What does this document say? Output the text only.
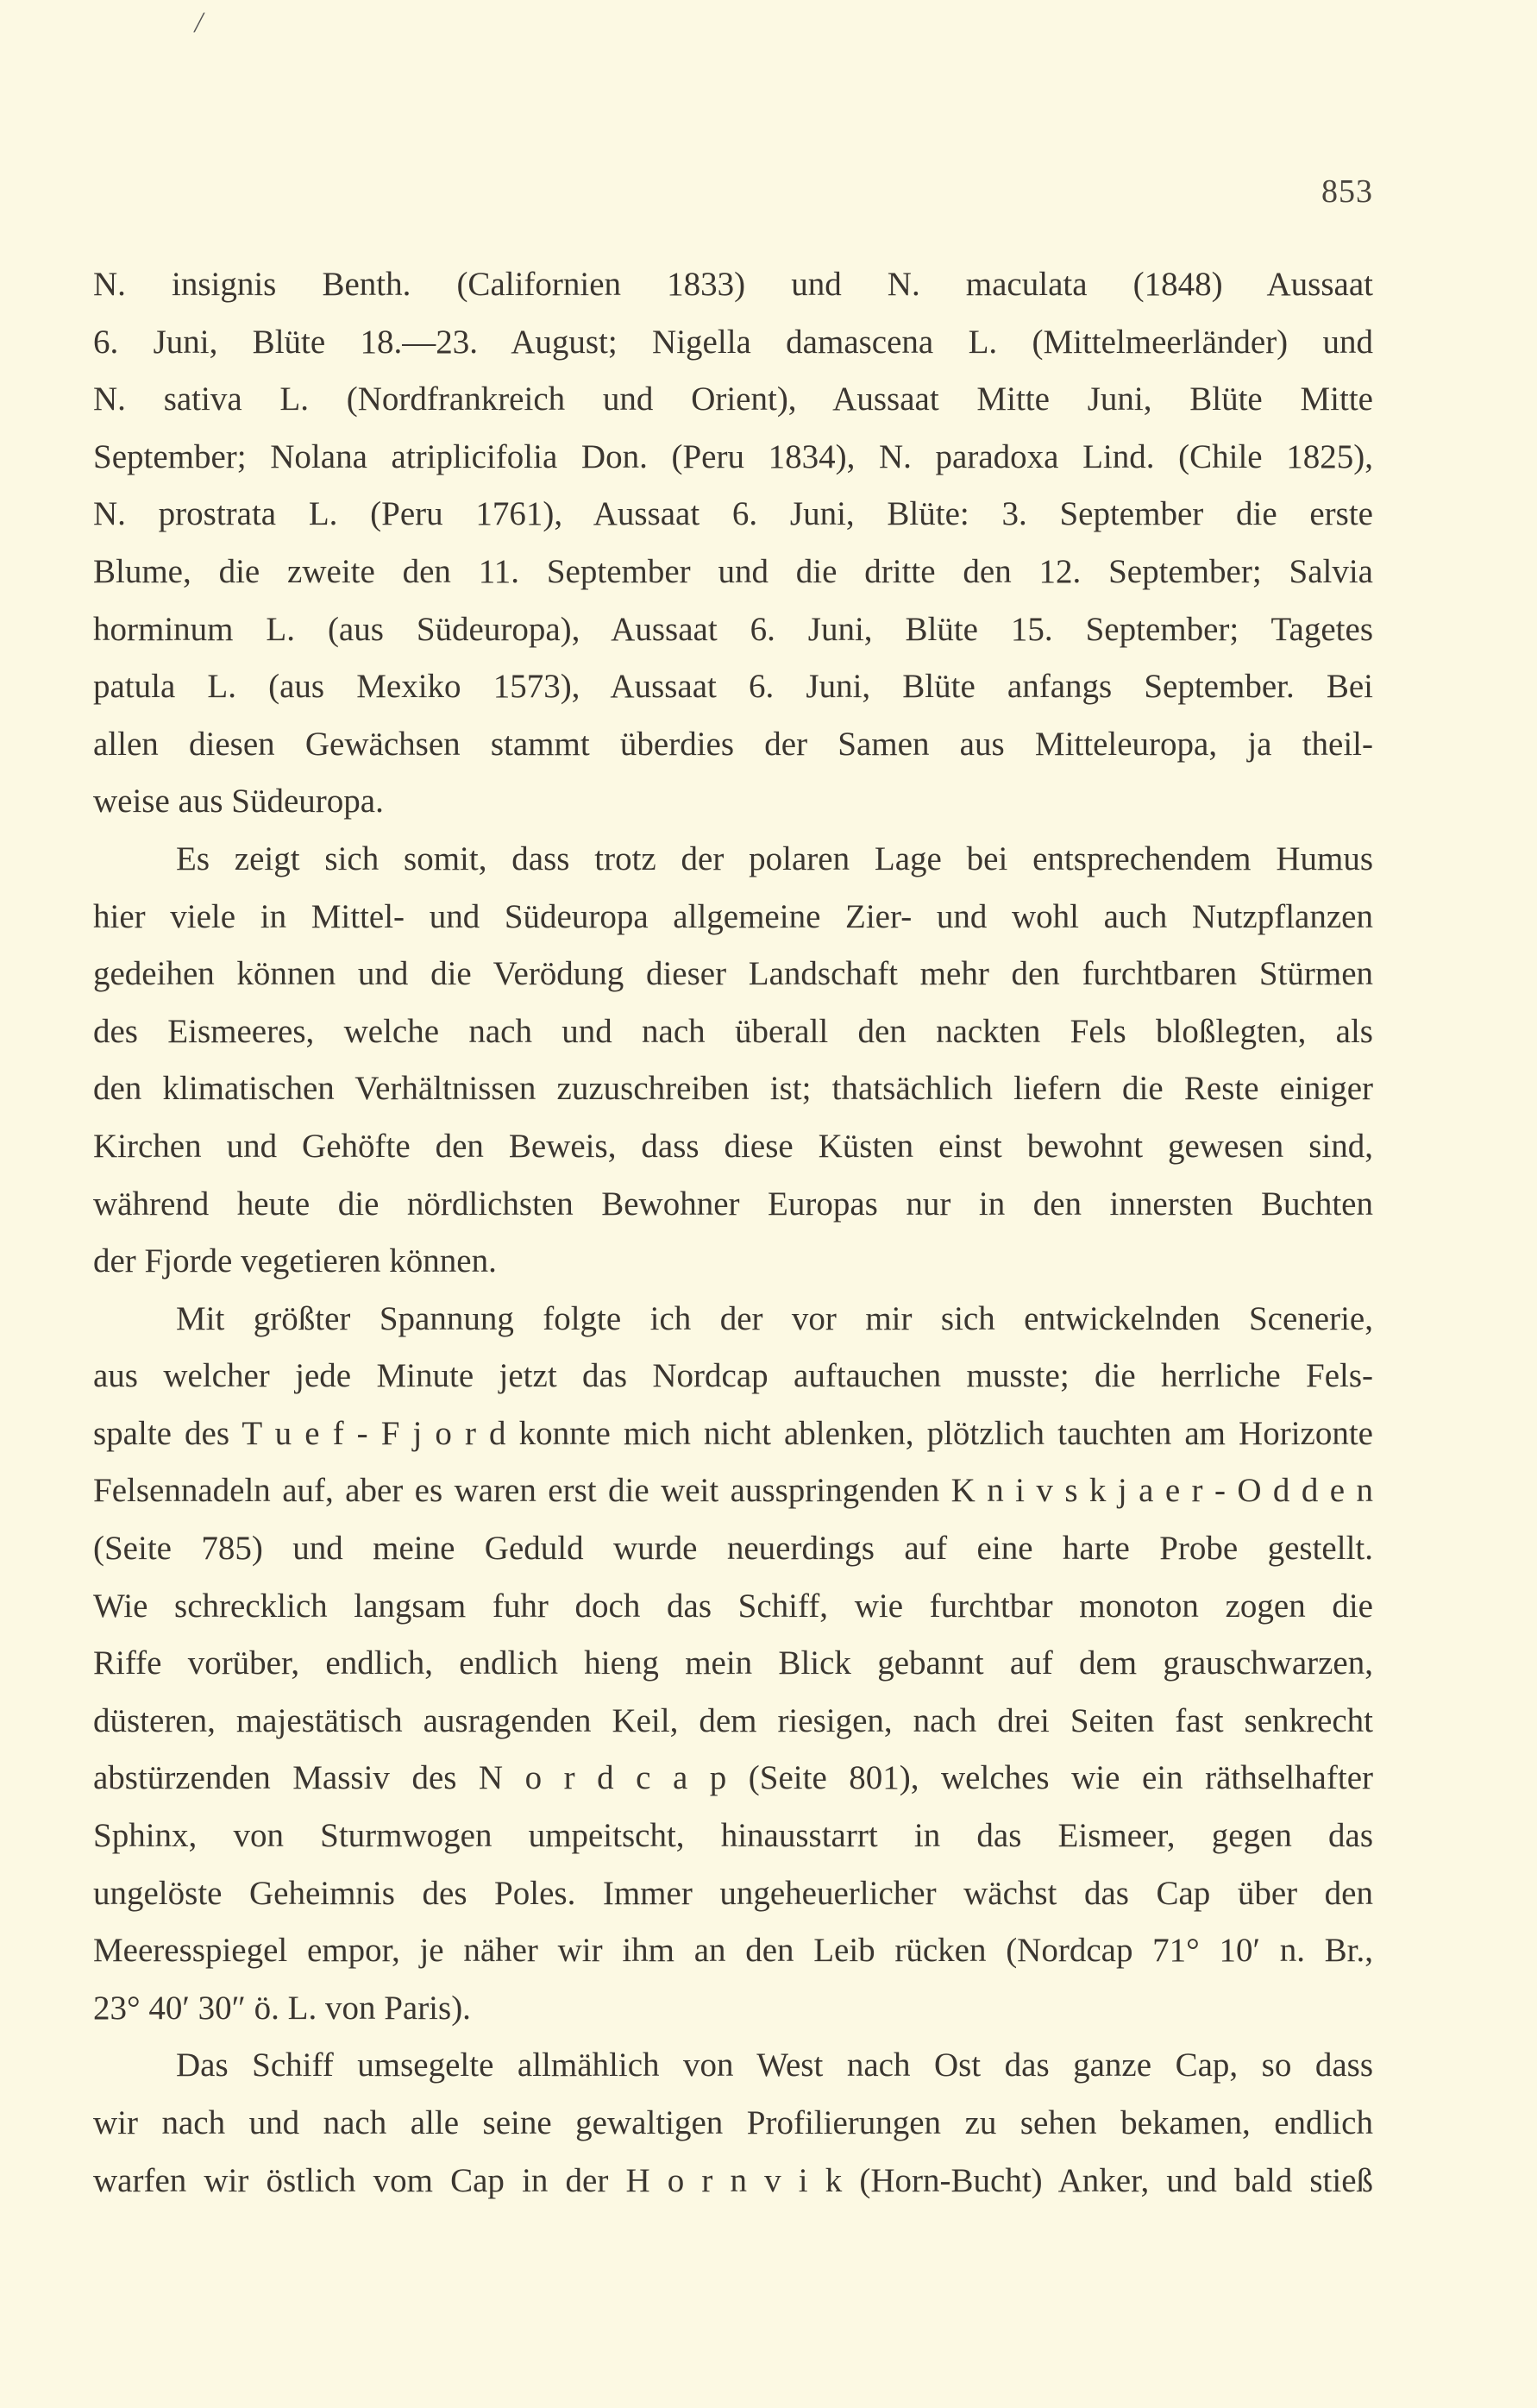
/
853
N. insignis Benth. (Californien 1833) und N. maculata (1848) Aussaat
6. Juni, Blüte 18.—23. August; Nigella damascena L. (Mittelmeerländer) und
N. sativa L. (Nordfrankreich und Orient), Aussaat Mitte Juni, Blüte Mitte
September; Nolana atriplicifolia Don. (Peru 1834), N. paradoxa Lind. (Chile 1825),
N. prostrata L. (Peru 1761), Aussaat 6. Juni, Blüte: 3. September die erste
Blume, die zweite den 11. September und die dritte den 12. September; Salvia
horminum L. (aus Südeuropa), Aussaat 6. Juni, Blüte 15. September; Tagetes
patula L. (aus Mexiko 1573), Aussaat 6. Juni, Blüte anfangs September. Bei
allen diesen Gewächsen stammt überdies der Samen aus Mitteleuropa, ja theil-
weise aus Südeuropa.
Es zeigt sich somit, dass trotz der polaren Lage bei entsprechendem Humus
hier viele in Mittel- und Südeuropa allgemeine Zier- und wohl auch Nutzpflanzen
gedeihen können und die Verödung dieser Landschaft mehr den furchtbaren Stürmen
des Eismeeres, welche nach und nach überall den nackten Fels bloßlegten, als
den klimatischen Verhältnissen zuzuschreiben ist; thatsächlich liefern die Reste einiger
Kirchen und Gehöfte den Beweis, dass diese Küsten einst bewohnt gewesen sind,
während heute die nördlichsten Bewohner Europas nur in den innersten Buchten
der Fjorde vegetieren können.
Mit größter Spannung folgte ich der vor mir sich entwickelnden Scenerie,
aus welcher jede Minute jetzt das Nordcap auftauchen musste; die herrliche Fels-
spalte des T u e f - F j o r d konnte mich nicht ablenken, plötzlich tauchten am Horizonte
Felsennadeln auf, aber es waren erst die weit ausspringenden K n i v s k j a e r - O d d e n
(Seite 785) und meine Geduld wurde neuerdings auf eine harte Probe gestellt.
Wie schrecklich langsam fuhr doch das Schiff, wie furchtbar monoton zogen die
Riffe vorüber, endlich, endlich hieng mein Blick gebannt auf dem grauschwarzen,
düsteren, majestätisch ausragenden Keil, dem riesigen, nach drei Seiten fast senkrecht
abstürzenden Massiv des N o r d c a p (Seite 801), welches wie ein räthselhafter
Sphinx, von Sturmwogen umpeitscht, hinausstarrt in das Eismeer, gegen das
ungelöste Geheimnis des Poles. Immer ungeheuerlicher wächst das Cap über den
Meeresspiegel empor, je näher wir ihm an den Leib rücken (Nordcap 71° 10′ n. Br.,
23° 40′ 30″ ö. L. von Paris).
Das Schiff umsegelte allmählich von West nach Ost das ganze Cap, so dass
wir nach und nach alle seine gewaltigen Profilierungen zu sehen bekamen, endlich
warfen wir östlich vom Cap in der H o r n v i k (Horn-Bucht) Anker, und bald stieß
